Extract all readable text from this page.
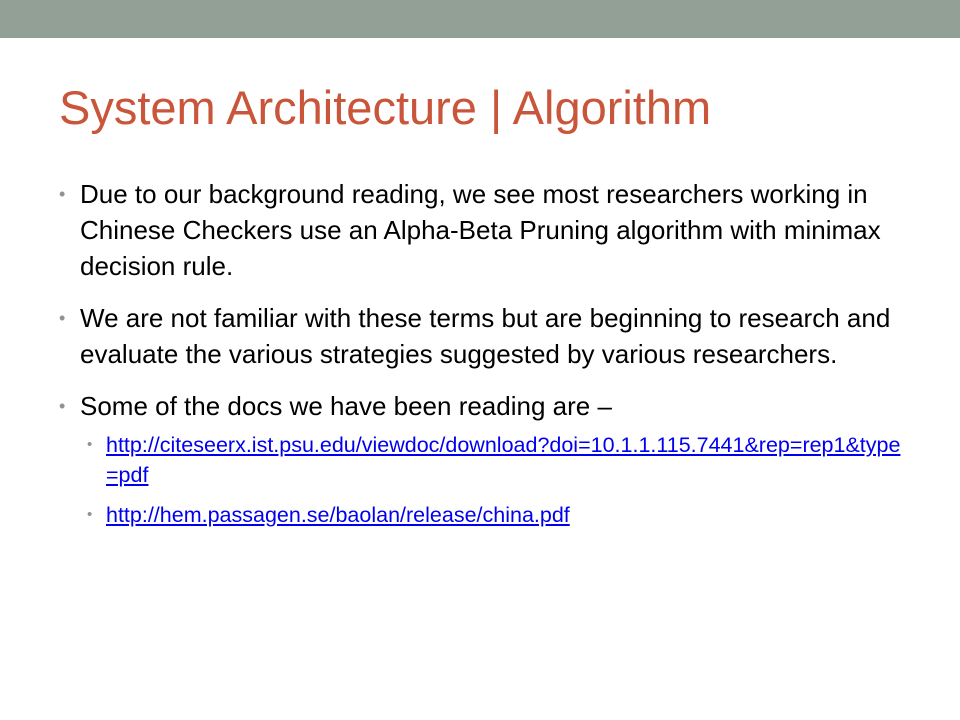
System Architecture | Algorithm
• Due to our background reading, we see most researchers working in Chinese Checkers use an Alpha-Beta Pruning algorithm with minimax decision rule.
• We are not familiar with these terms but are beginning to research and evaluate the various strategies suggested by various researchers.
• Some of the docs we have been reading are –
• http://citeseerx.ist.psu.edu/viewdoc/download?doi=10.1.1.115.7441&rep=rep1&type=pdf
• http://hem.passagen.se/baolan/release/china.pdf
